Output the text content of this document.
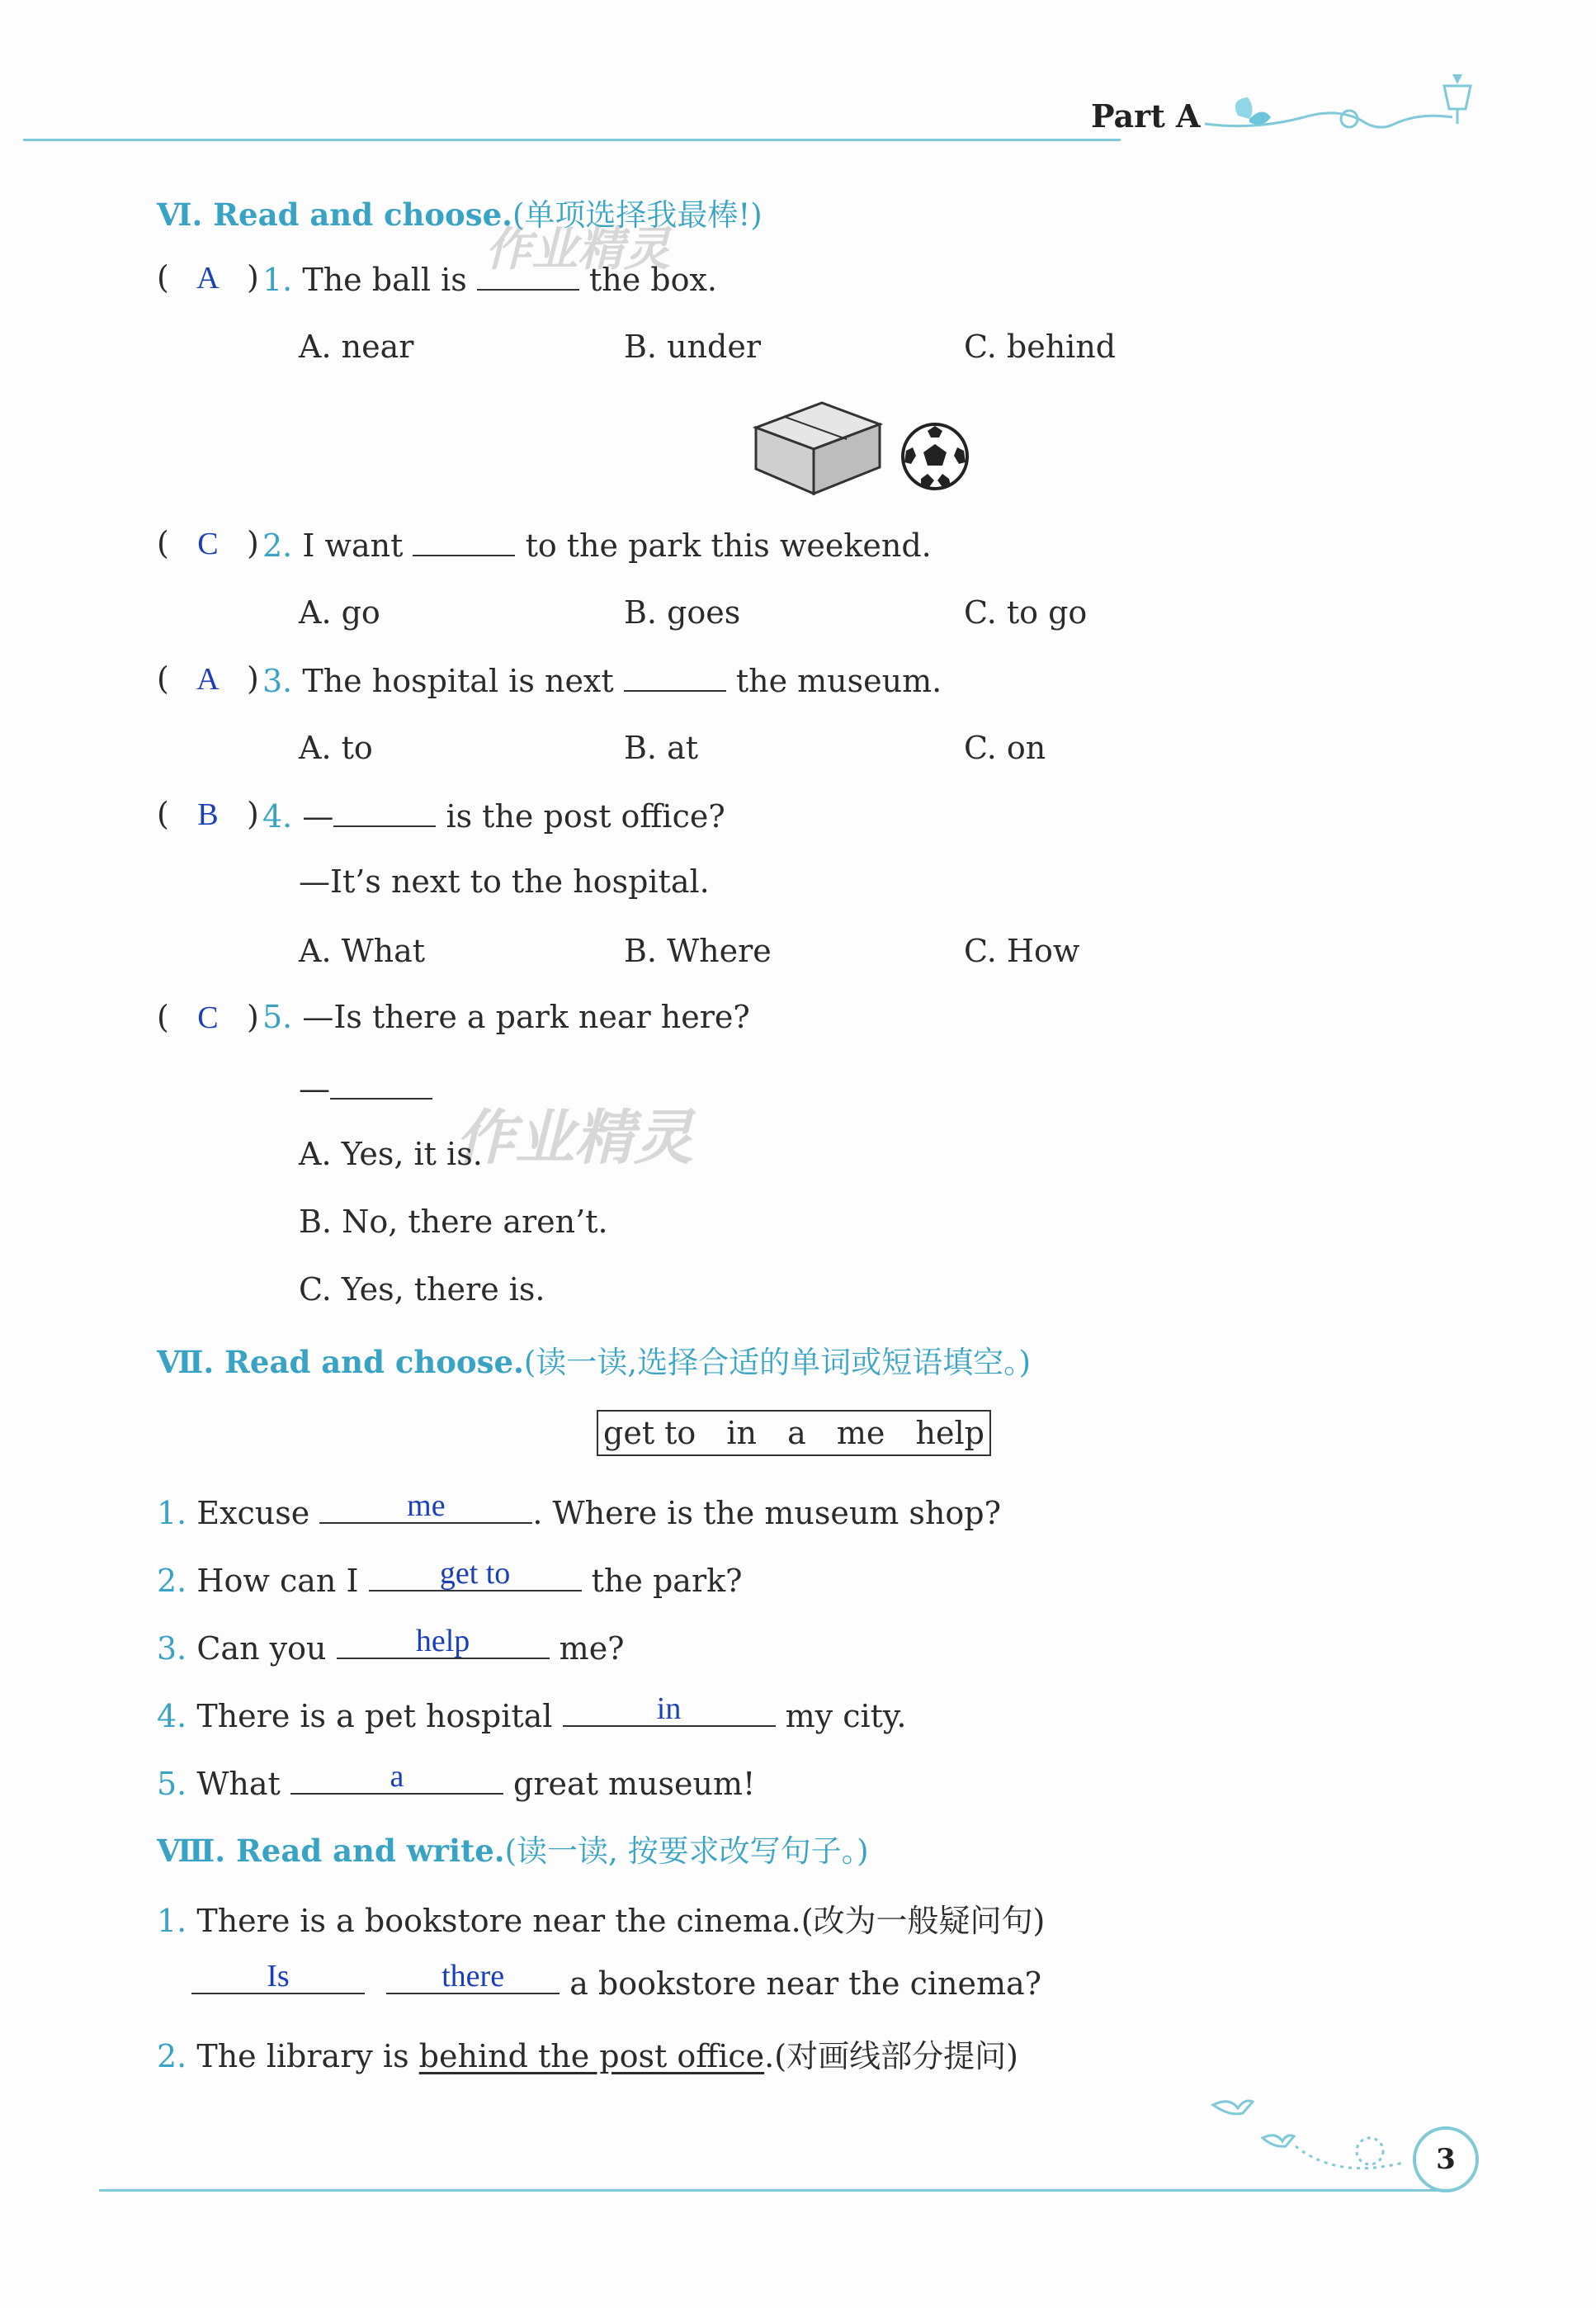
Part A
作业精灵
作业精灵
Ⅵ. Read and choose.(单项选择我最棒!)
( A ) 1. The ball is	the box.
A. near	B. under	C. behind
( C ) 2. I want	to the park this weekend.
A. go	B. goes	C. to go
( A ) 3. The hospital is next	the museum.
A. to	B. at	C. on
( B ) 4. —	is the post office?
—It’s next to the hospital.
A. What	B. Where	C. How
( C ) 5. —Is there a park near here?
—
A. Yes, it is.
B. No, there aren’t.
C. Yes, there is.
Ⅶ. Read and choose.(读一读,选择合适的单词或短语填空。)
get to in a me help
1. Excuse	me	. Where is the museum shop?
2. How can I	get to	the park?
3. Can you	help	me?
4. There is a pet hospital	in	my city.
5. What	a	great museum!
Ⅷ. Read and write.(读一读, 按要求改写句子。)
1. There is a bookstore near the cinema.(改为一般疑问句)
Is
	there	a bookstore near the cinema?
2. The library is behind the post office.(对画线部分提问)
3
